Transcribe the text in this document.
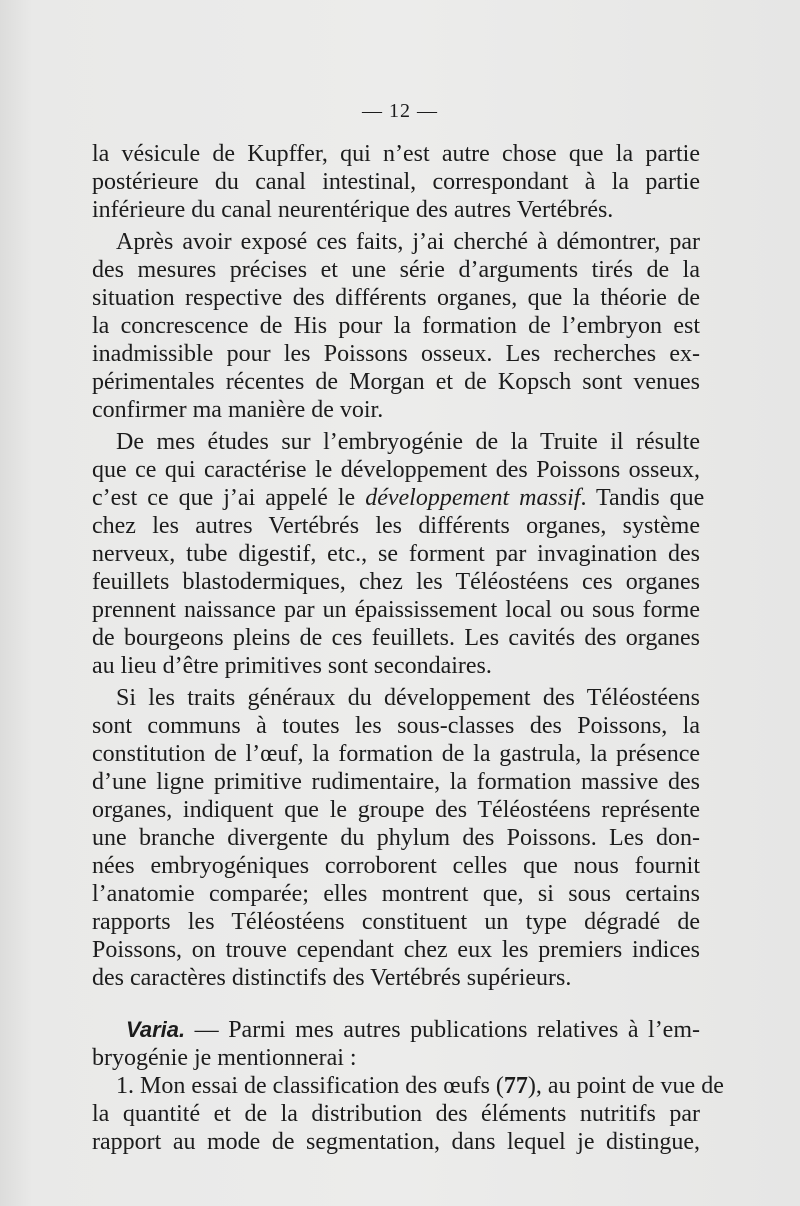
— 12 —
la vésicule de Kupffer, qui n’est autre chose que la partie
postérieure du canal intestinal, correspondant à la partie
inférieure du canal neurentérique des autres Vertébrés.
Après avoir exposé ces faits, j’ai cherché à démontrer, par
des mesures précises et une série d’arguments tirés de la
situation respective des différents organes, que la théorie de
la concrescence de His pour la formation de l’embryon est
inadmissible pour les Poissons osseux. Les recherches ex-
périmentales récentes de Morgan et de Kopsch sont venues
confirmer ma manière de voir.
De mes études sur l’embryogénie de la Truite il résulte
que ce qui caractérise le développement des Poissons osseux,
c’est ce que j’ai appelé le développement massif. Tandis que
chez les autres Vertébrés les différents organes, système
nerveux, tube digestif, etc., se forment par invagination des
feuillets blastodermiques, chez les Téléostéens ces organes
prennent naissance par un épaississement local ou sous forme
de bourgeons pleins de ces feuillets. Les cavités des organes
au lieu d’être primitives sont secondaires.
Si les traits généraux du développement des Téléostéens
sont communs à toutes les sous-classes des Poissons, la
constitution de l’œuf, la formation de la gastrula, la présence
d’une ligne primitive rudimentaire, la formation massive des
organes, indiquent que le groupe des Téléostéens représente
une branche divergente du phylum des Poissons. Les don-
nées embryogéniques corroborent celles que nous fournit
l’anatomie comparée; elles montrent que, si sous certains
rapports les Téléostéens constituent un type dégradé de
Poissons, on trouve cependant chez eux les premiers indices
des caractères distinctifs des Vertébrés supérieurs.
Varia. — Parmi mes autres publications relatives à l’em-
bryogénie je mentionnerai :
1. Mon essai de classification des œufs (77), au point de vue de
la quantité et de la distribution des éléments nutritifs par
rapport au mode de segmentation, dans lequel je distingue,
